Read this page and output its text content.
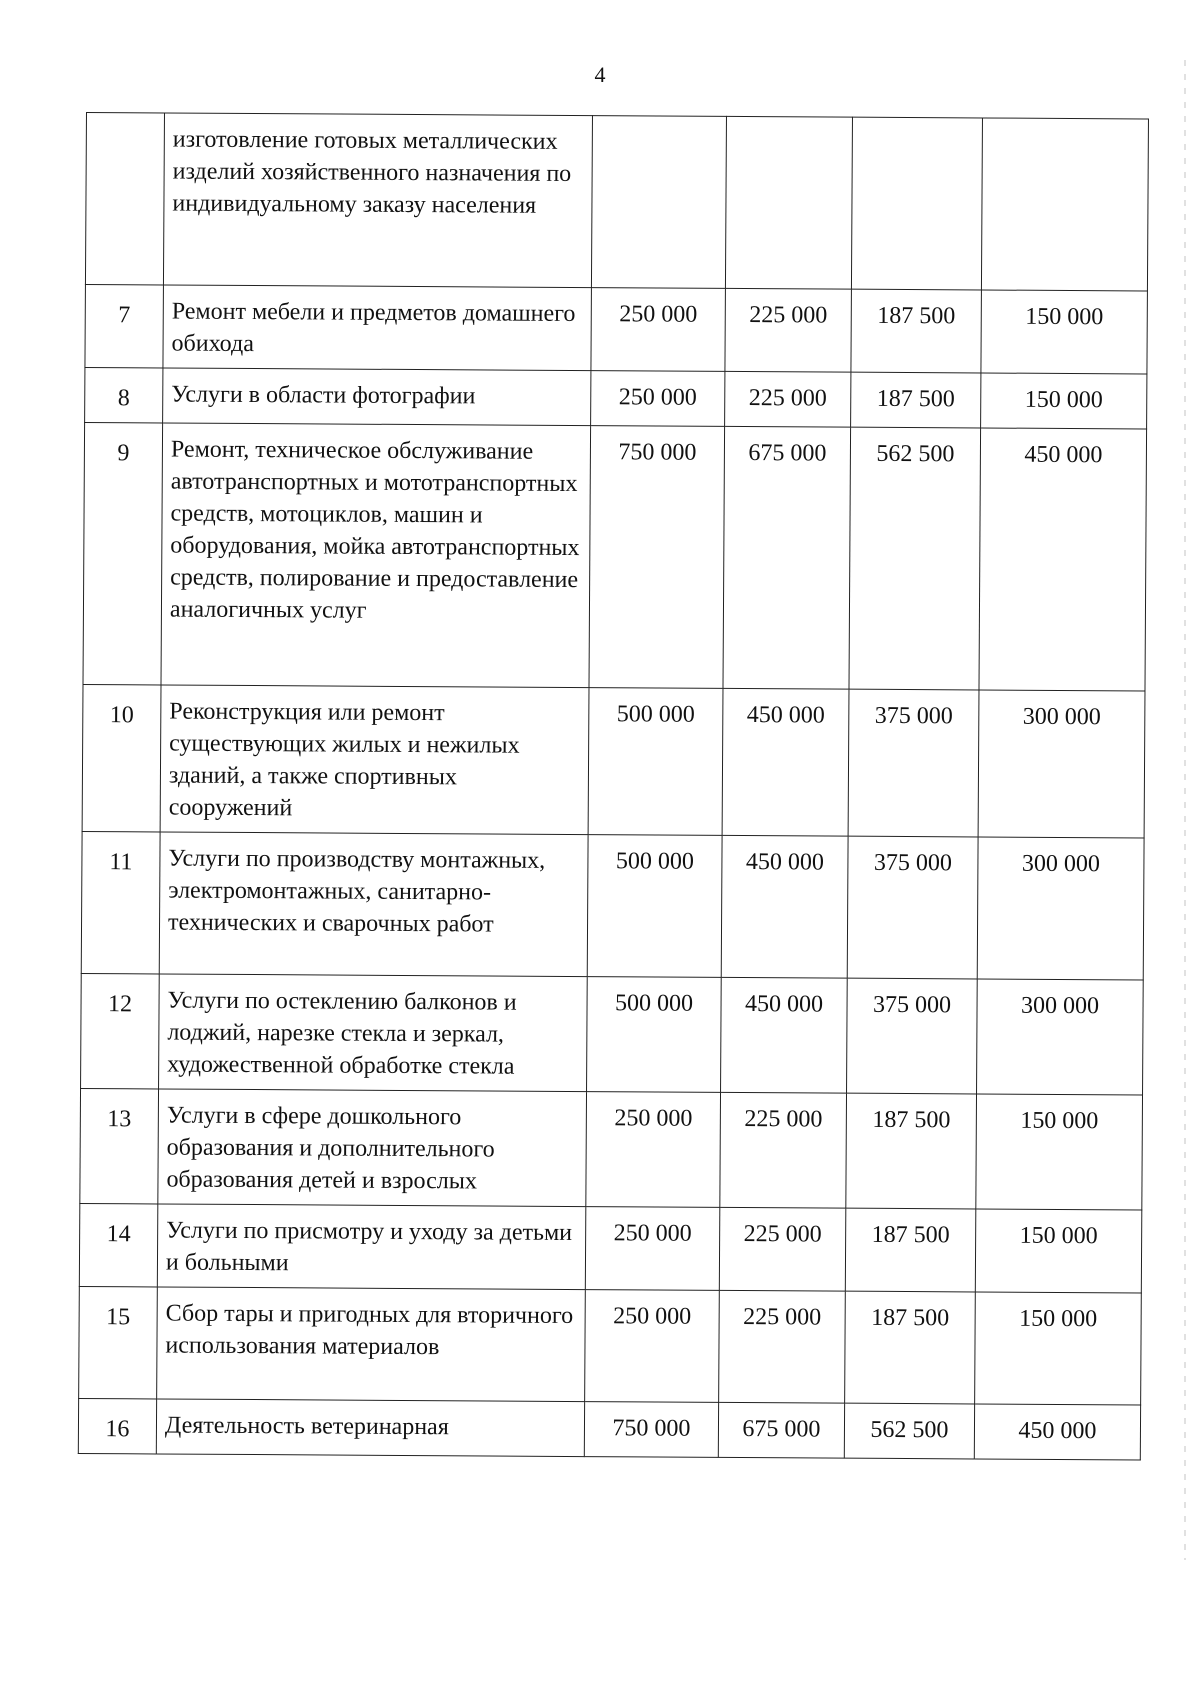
4
	изготовление готовых металлических изделий хозяйственного назначения по индивидуальному заказу населения				
7	Ремонт мебели и предметов домашнего обихода	250 000	225 000	187 500	150 000
8	Услуги в области фотографии	250 000	225 000	187 500	150 000
9	Ремонт, техническое обслуживание автотранспортных и мототранспортных средств, мотоциклов, машин и оборудования, мойка автотранспортных средств, полирование и предоставление аналогичных услуг	750 000	675 000	562 500	450 000
10	Реконструкция или ремонт существующих жилых и нежилых зданий, а также спортивных сооружений	500 000	450 000	375 000	300 000
11	Услуги по производству монтажных, электромонтажных, санитарно-технических и сварочных работ	500 000	450 000	375 000	300 000
12	Услуги по остеклению балконов и лоджий, нарезке стекла и зеркал, художественной обработке стекла	500 000	450 000	375 000	300 000
13	Услуги в сфере дошкольного образования и дополнительного образования детей и взрослых	250 000	225 000	187 500	150 000
14	Услуги по присмотру и уходу за детьми и больными	250 000	225 000	187 500	150 000
15	Сбор тары и пригодных для вторичного использования материалов	250 000	225 000	187 500	150 000
16	Деятельность ветеринарная	750 000	675 000	562 500	450 000
